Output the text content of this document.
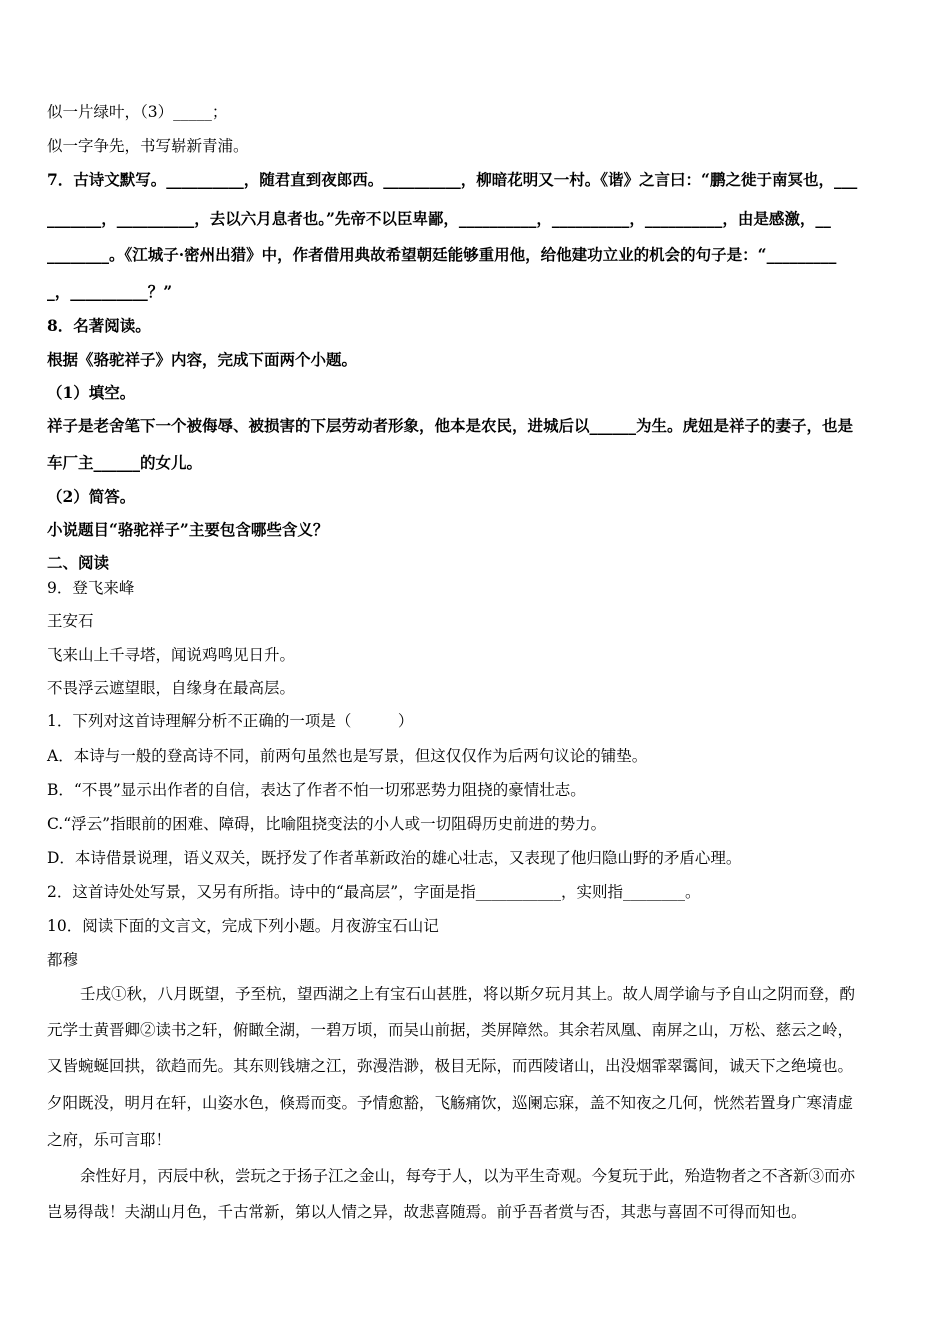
似一片绿叶，（3）_____；
似一字争先，书写崭新青浦。
7．古诗文默写。__________，随君直到夜郎西。__________，柳暗花明又一村。《谐》之言曰：“鹏之徙于南冥也，___
_______，__________，去以六月息者也。”先帝不以臣卑鄙，__________，__________，__________，由是感激，__
________。《江城子·密州出猎》中，作者借用典故希望朝廷能够重用他，给他建功立业的机会的句子是：“_________
_，__________？”
8．名著阅读。
根据《骆驼祥子》内容，完成下面两个小题。
（1）填空。
祥子是老舍笔下一个被侮辱、被损害的下层劳动者形象，他本是农民，进城后以______为生。虎妞是祥子的妻子，也是
车厂主______的女儿。
（2）简答。
小说题目“骆驼祥子”主要包含哪些含义？
二、阅读
9．登飞来峰
王安石
飞来山上千寻塔，闻说鸡鸣见日升。
不畏浮云遮望眼，自缘身在最高层。
1．下列对这首诗理解分析不正确的一项是（　　　）
A．本诗与一般的登高诗不同，前两句虽然也是写景，但这仅仅作为后两句议论的铺垫。
B．“不畏”显示出作者的自信，表达了作者不怕一切邪恶势力阻挠的豪情壮志。
C.“浮云”指眼前的困难、障碍，比喻阻挠变法的小人或一切阻碍历史前进的势力。
D．本诗借景说理，语义双关，既抒发了作者革新政治的雄心壮志，又表现了他归隐山野的矛盾心理。
2．这首诗处处写景，又另有所指。诗中的“最高层”，字面是指___________，实则指________。
10．阅读下面的文言文，完成下列小题。月夜游宝石山记
都穆
壬戌①秋，八月既望，予至杭，望西湖之上有宝石山甚胜，将以斯夕玩月其上。故人周学谕与予自山之阴而登，酌
元学士黄晋卿②读书之轩，俯瞰全湖，一碧万顷，而吴山前据，类屏障然。其余若凤凰、南屏之山，万松、慈云之岭，
又皆蜿蜒回拱，欲趋而先。其东则钱塘之江，弥漫浩渺，极目无际，而西陵诸山，出没烟霏翠霭间，诚天下之绝境也。
夕阳既没，明月在轩，山姿水色，倏焉而变。予情愈豁，飞觞痛饮，巡阑忘寐，盖不知夜之几何，恍然若置身广寒清虚
之府，乐可言耶！
余性好月，丙辰中秋，尝玩之于扬子江之金山，每夸于人，以为平生奇观。今复玩于此，殆造物者之不吝新③而亦
岂易得哉！夫湖山月色，千古常新，第以人情之异，故悲喜随焉。前乎吾者赏与否，其悲与喜固不可得而知也。
